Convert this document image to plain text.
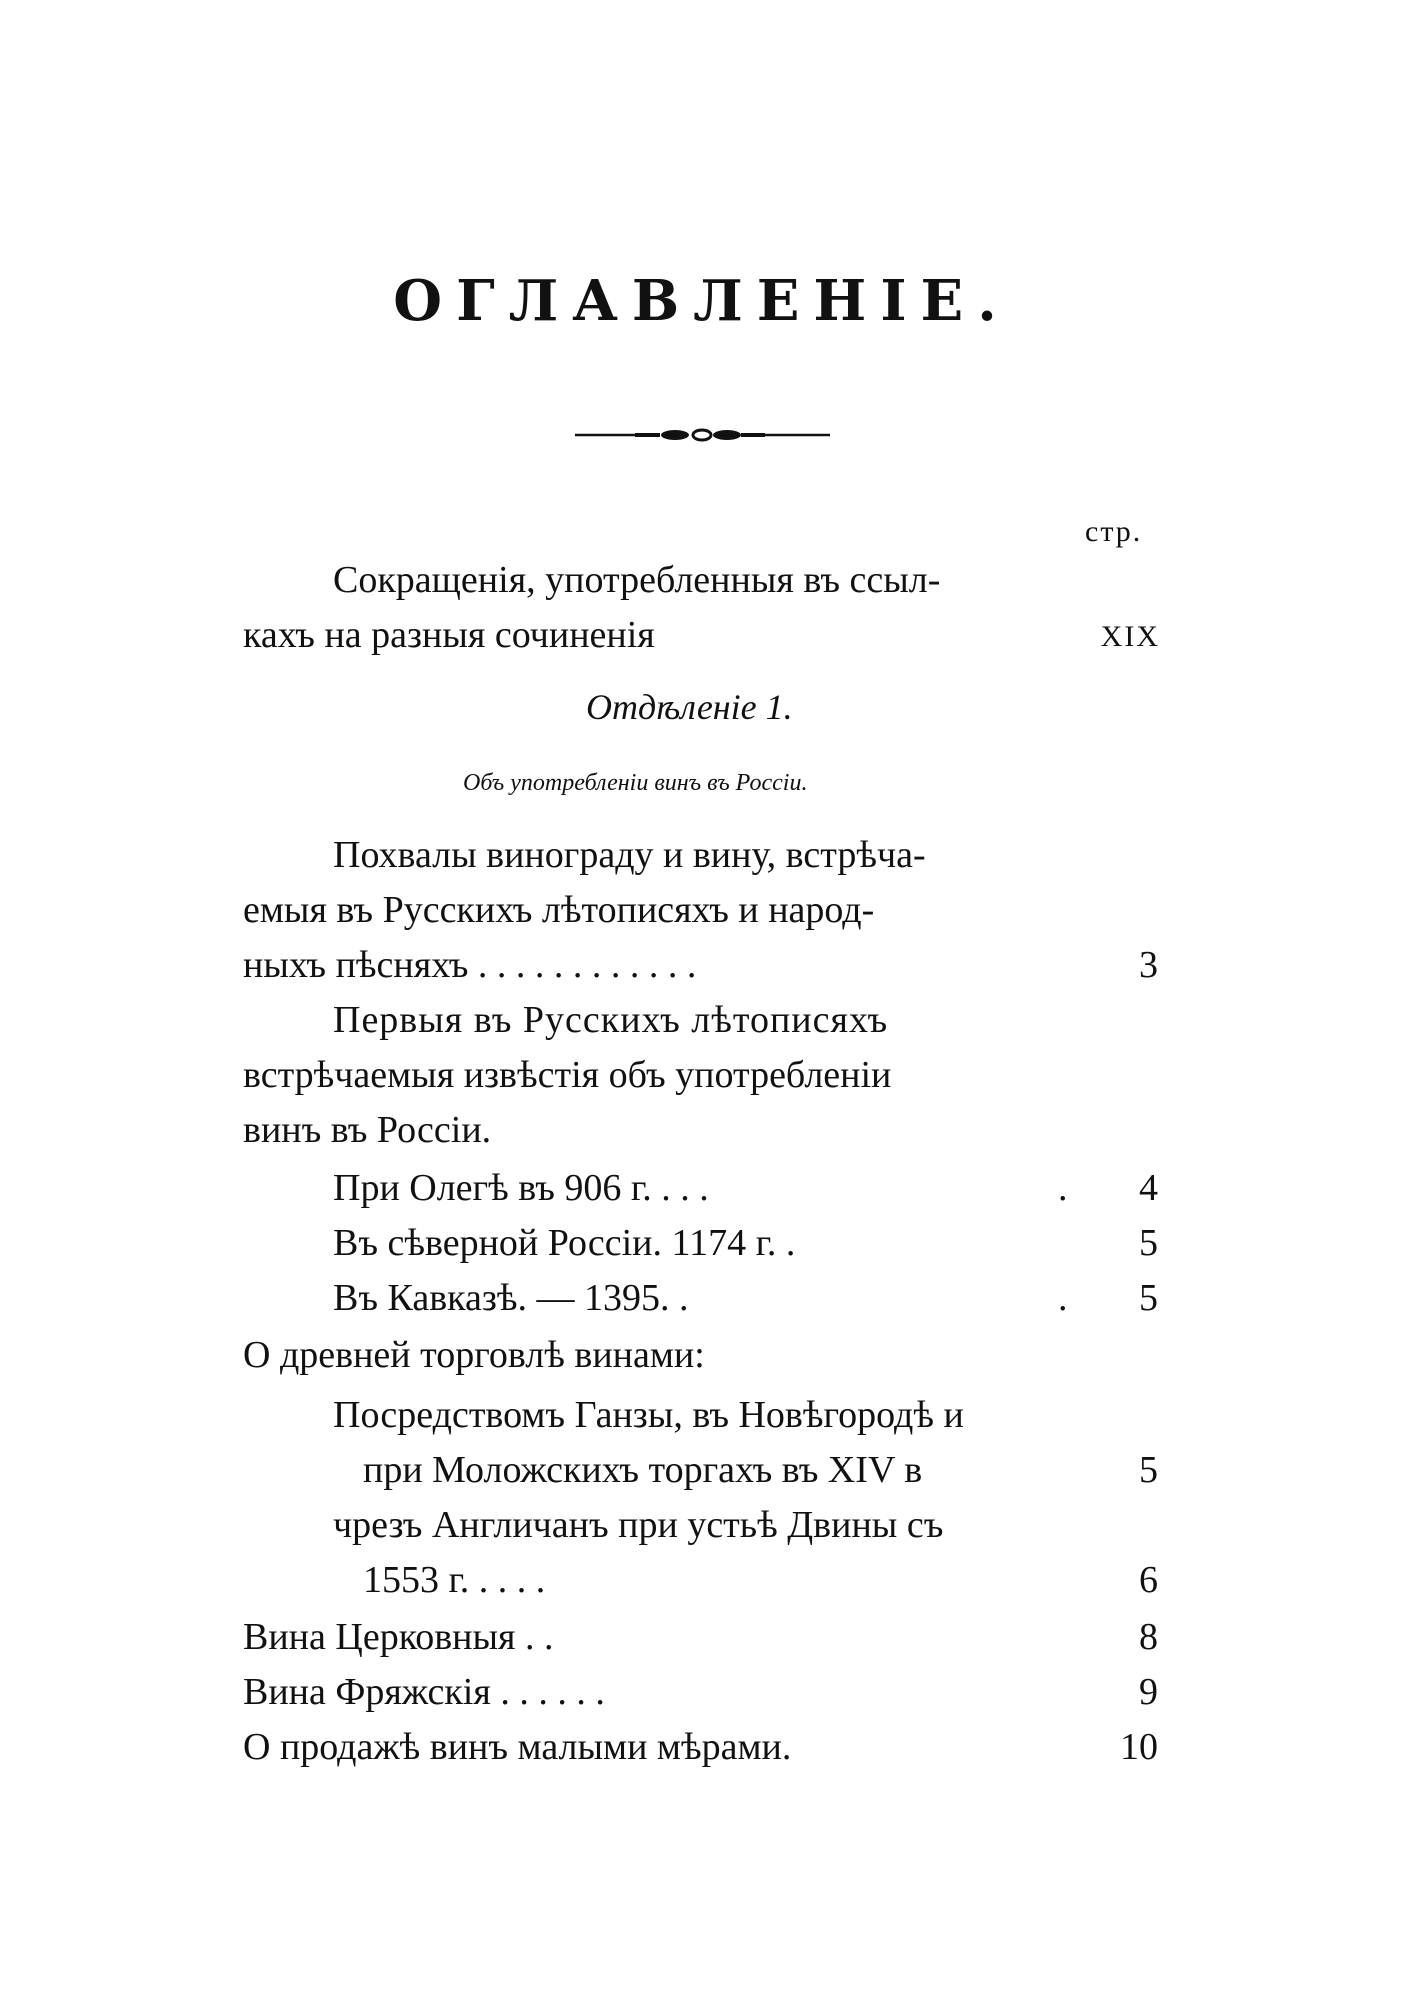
ОГЛАВЛЕНІЕ.
стр.
Сокращенія, употребленныя въ ссыл-
кахъ на разныя сочиненія	XIX
Отдѣленіе 1.
Объ употребленіи винъ въ Россіи.
Похвалы винограду и вину, встрѣча-
емыя въ Русскихъ лѣтописяхъ и народ-
ныхъ пѣсняхъ . . . . . . . . . . . .	3
Первыя въ Русскихъ лѣтописяхъ
встрѣчаемыя извѣстія объ употребленіи
винъ въ Россіи.
При Олегѣ въ 906 г. . . .	.	4
Въ сѣверной Россіи. 1174 г. .	5
Въ Кавказѣ. — 1395. .	.	5
О древней торговлѣ винами:
Посредствомъ Ганзы, въ Новѣгородѣ и
при Моложскихъ торгахъ въ XIV в	5
чрезъ Англичанъ при устьѣ Двины съ
1553 г. . . . .	6
Вина Церковныя . .	8
Вина Фряжскія . . . . . .	9
О продажѣ винъ малыми мѣрами.	10
